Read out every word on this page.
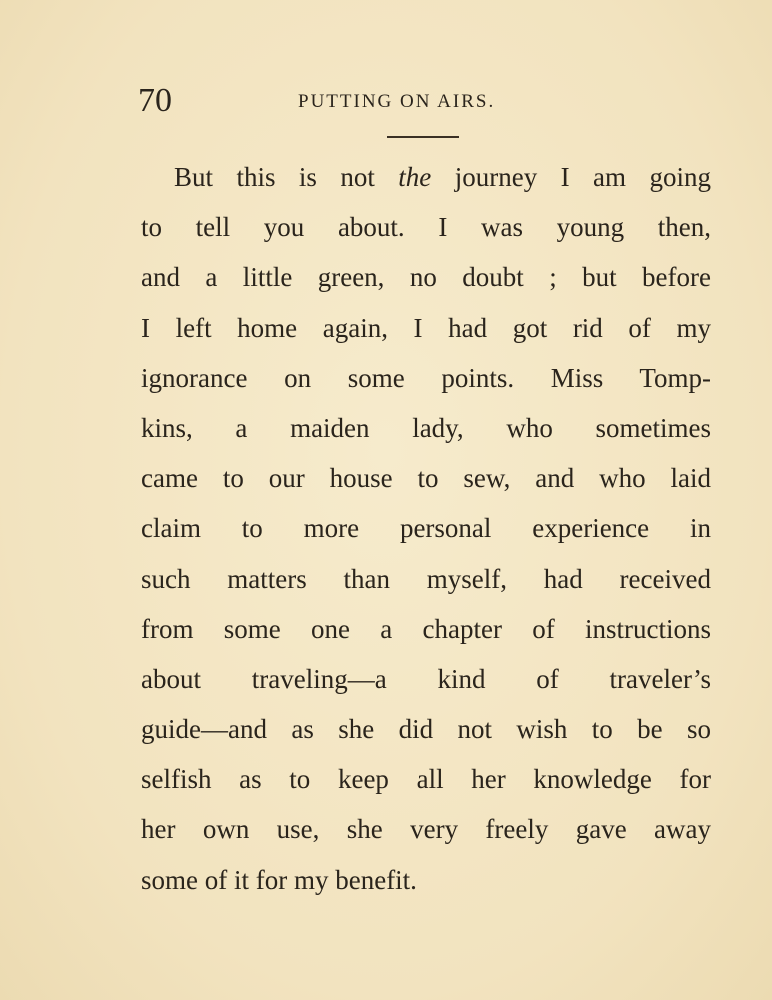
70	PUTTING ON AIRS.
But this is not the journey I am going
to tell you about. I was young then,
and a little green, no doubt ; but before
I left home again, I had got rid of my
ignorance on some points. Miss Tomp-
kins, a maiden lady, who sometimes
came to our house to sew, and who laid
claim to more personal experience in
such matters than myself, had received
from some one a chapter of instructions
about traveling—a kind of traveler’s
guide—and as she did not wish to be so
selfish as to keep all her knowledge for
her own use, she very freely gave away
some of it for my benefit.
